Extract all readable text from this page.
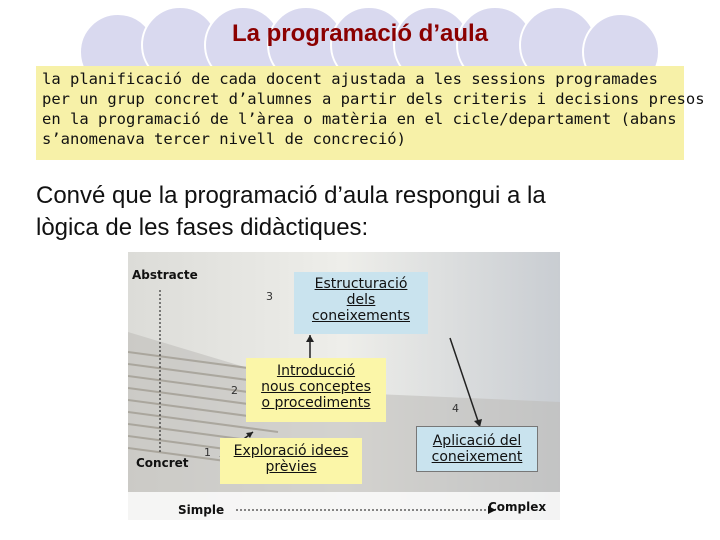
La programació d’aula
la planificació de cada docent ajustada a les sessions programades
per un grup concret d’alumnes a partir dels criteris i decisions presos
en la programació de l’àrea o matèria en el cicle/departament (abans
s’anomenava tercer nivell de concreció)
Convé que la programació d’aula respongui a la
lògica de les fases didàctiques:
Abstracte
Concret
Simple	Complex
3
Estructuració
dels
coneixements
2
Introducció
nous conceptes
o procediments	4
Aplicació del
coneixement
1	Exploració idees
prèvies
